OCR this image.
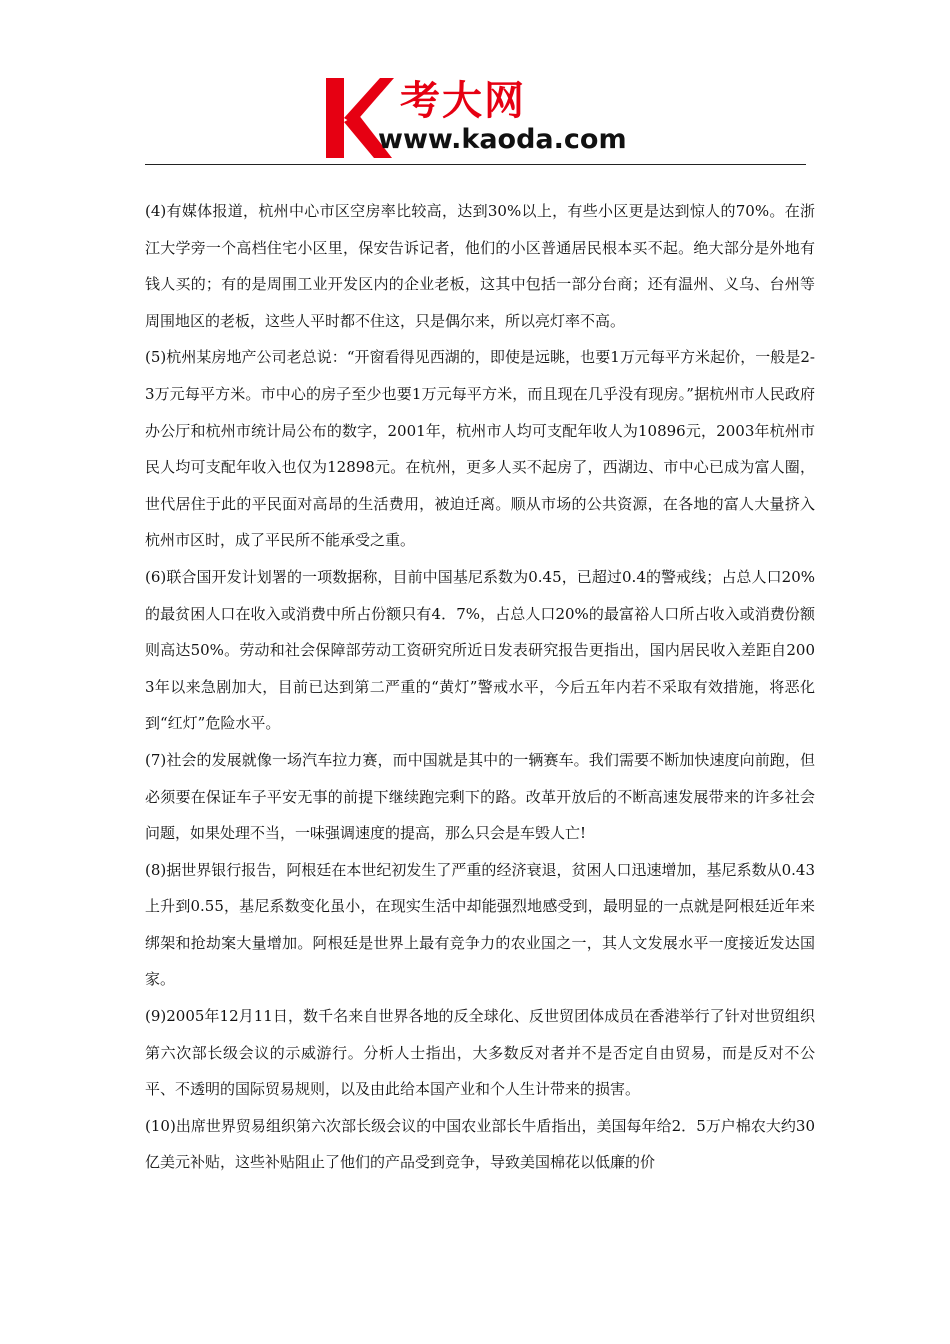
考大网
www.kaoda.com

(4)有媒体报道，杭州中心市区空房率比较高，达到30%以上，有些小区更是达到惊人的70%。在浙江大学旁一个高档住宅小区里，保安告诉记者，他们的小区普通居民根本买不起。绝大部分是外地有钱人买的；有的是周围工业开发区内的企业老板，这其中包括一部分台商；还有温州、义乌、台州等周围地区的老板，这些人平时都不住这，只是偶尔来，所以亮灯率不高。

(5)杭州某房地产公司老总说：“开窗看得见西湖的，即使是远眺，也要1万元每平方米起价，一般是2-3万元每平方米。市中心的房子至少也要1万元每平方米，而且现在几乎没有现房。”据杭州市人民政府办公厅和杭州市统计局公布的数字，2001年，杭州市人均可支配年收人为10896元，2003年杭州市民人均可支配年收入也仅为12898元。在杭州，更多人买不起房了，西湖边、市中心已成为富人圈，世代居住于此的平民面对高昂的生活费用，被迫迁离。顺从市场的公共资源，在各地的富人大量挤入杭州市区时，成了平民所不能承受之重。

(6)联合国开发计划署的一项数据称，目前中国基尼系数为0.45，已超过0.4的警戒线；占总人口20%的最贫困人口在收入或消费中所占份额只有4．7%，占总人口20%的最富裕人口所占收入或消费份额则高达50%。劳动和社会保障部劳动工资研究所近日发表研究报告更指出，国内居民收入差距自2003年以来急剧加大，目前已达到第二严重的“黄灯”警戒水平，今后五年内若不采取有效措施，将恶化到“红灯”危险水平。

(7)社会的发展就像一场汽车拉力赛，而中国就是其中的一辆赛车。我们需要不断加快速度向前跑，但必须要在保证车子平安无事的前提下继续跑完剩下的路。改革开放后的不断高速发展带来的许多社会问题，如果处理不当，一味强调速度的提高，那么只会是车毁人亡!

(8)据世界银行报告，阿根廷在本世纪初发生了严重的经济衰退，贫困人口迅速增加，基尼系数从0.43上升到0.55，基尼系数变化虽小，在现实生活中却能强烈地感受到，最明显的一点就是阿根廷近年来绑架和抢劫案大量增加。阿根廷是世界上最有竞争力的农业国之一，其人文发展水平一度接近发达国家。

(9)2005年12月11日，数千名来自世界各地的反全球化、反世贸团体成员在香港举行了针对世贸组织第六次部长级会议的示威游行。分析人士指出，大多数反对者并不是否定自由贸易，而是反对不公平、不透明的国际贸易规则，以及由此给本国产业和个人生计带来的损害。

(10)出席世界贸易组织第六次部长级会议的中国农业部长牛盾指出，美国每年给2．5万户棉农大约30亿美元补贴，这些补贴阻止了他们的产品受到竞争，导致美国棉花以低廉的价
